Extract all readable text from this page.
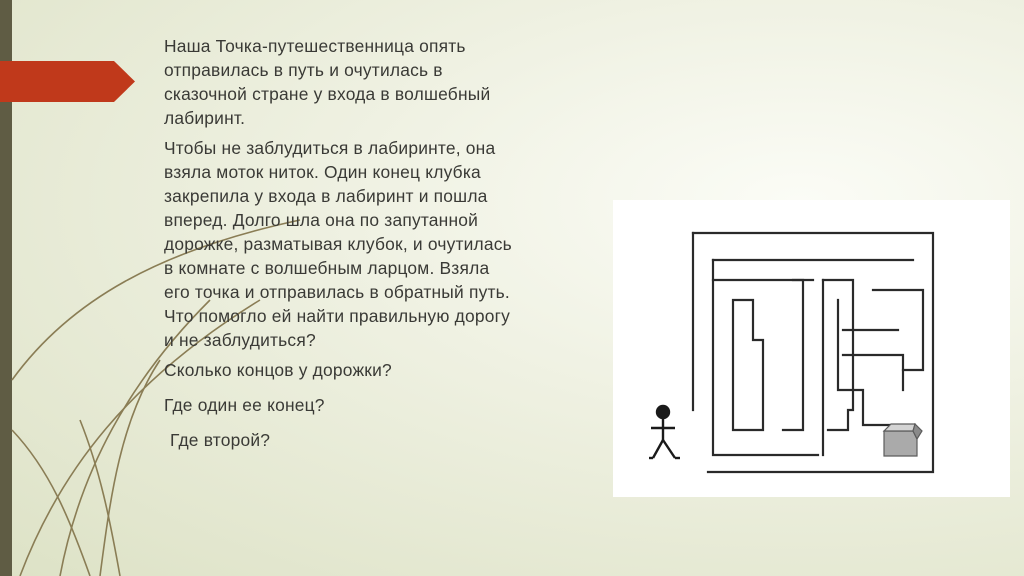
Наша Точка-путешественница опять
отправилась в путь и очутилась в
сказочной стране у входа в волшебный
лабиринт.

Чтобы не заблудиться в лабиринте, она
взяла моток ниток. Один конец клубка
закрепила у входа в лабиринт и пошла
вперед. Долго шла она по запутанной
дорожке, разматывая клубок, и очутилась
в комнате с волшебным ларцом. Взяла
его точка и отправилась в обратный путь.
Что помогло ей найти правильную дорогу
и не заблудиться?

Сколько концов у дорожки?

Где один ее конец?

Где второй?
